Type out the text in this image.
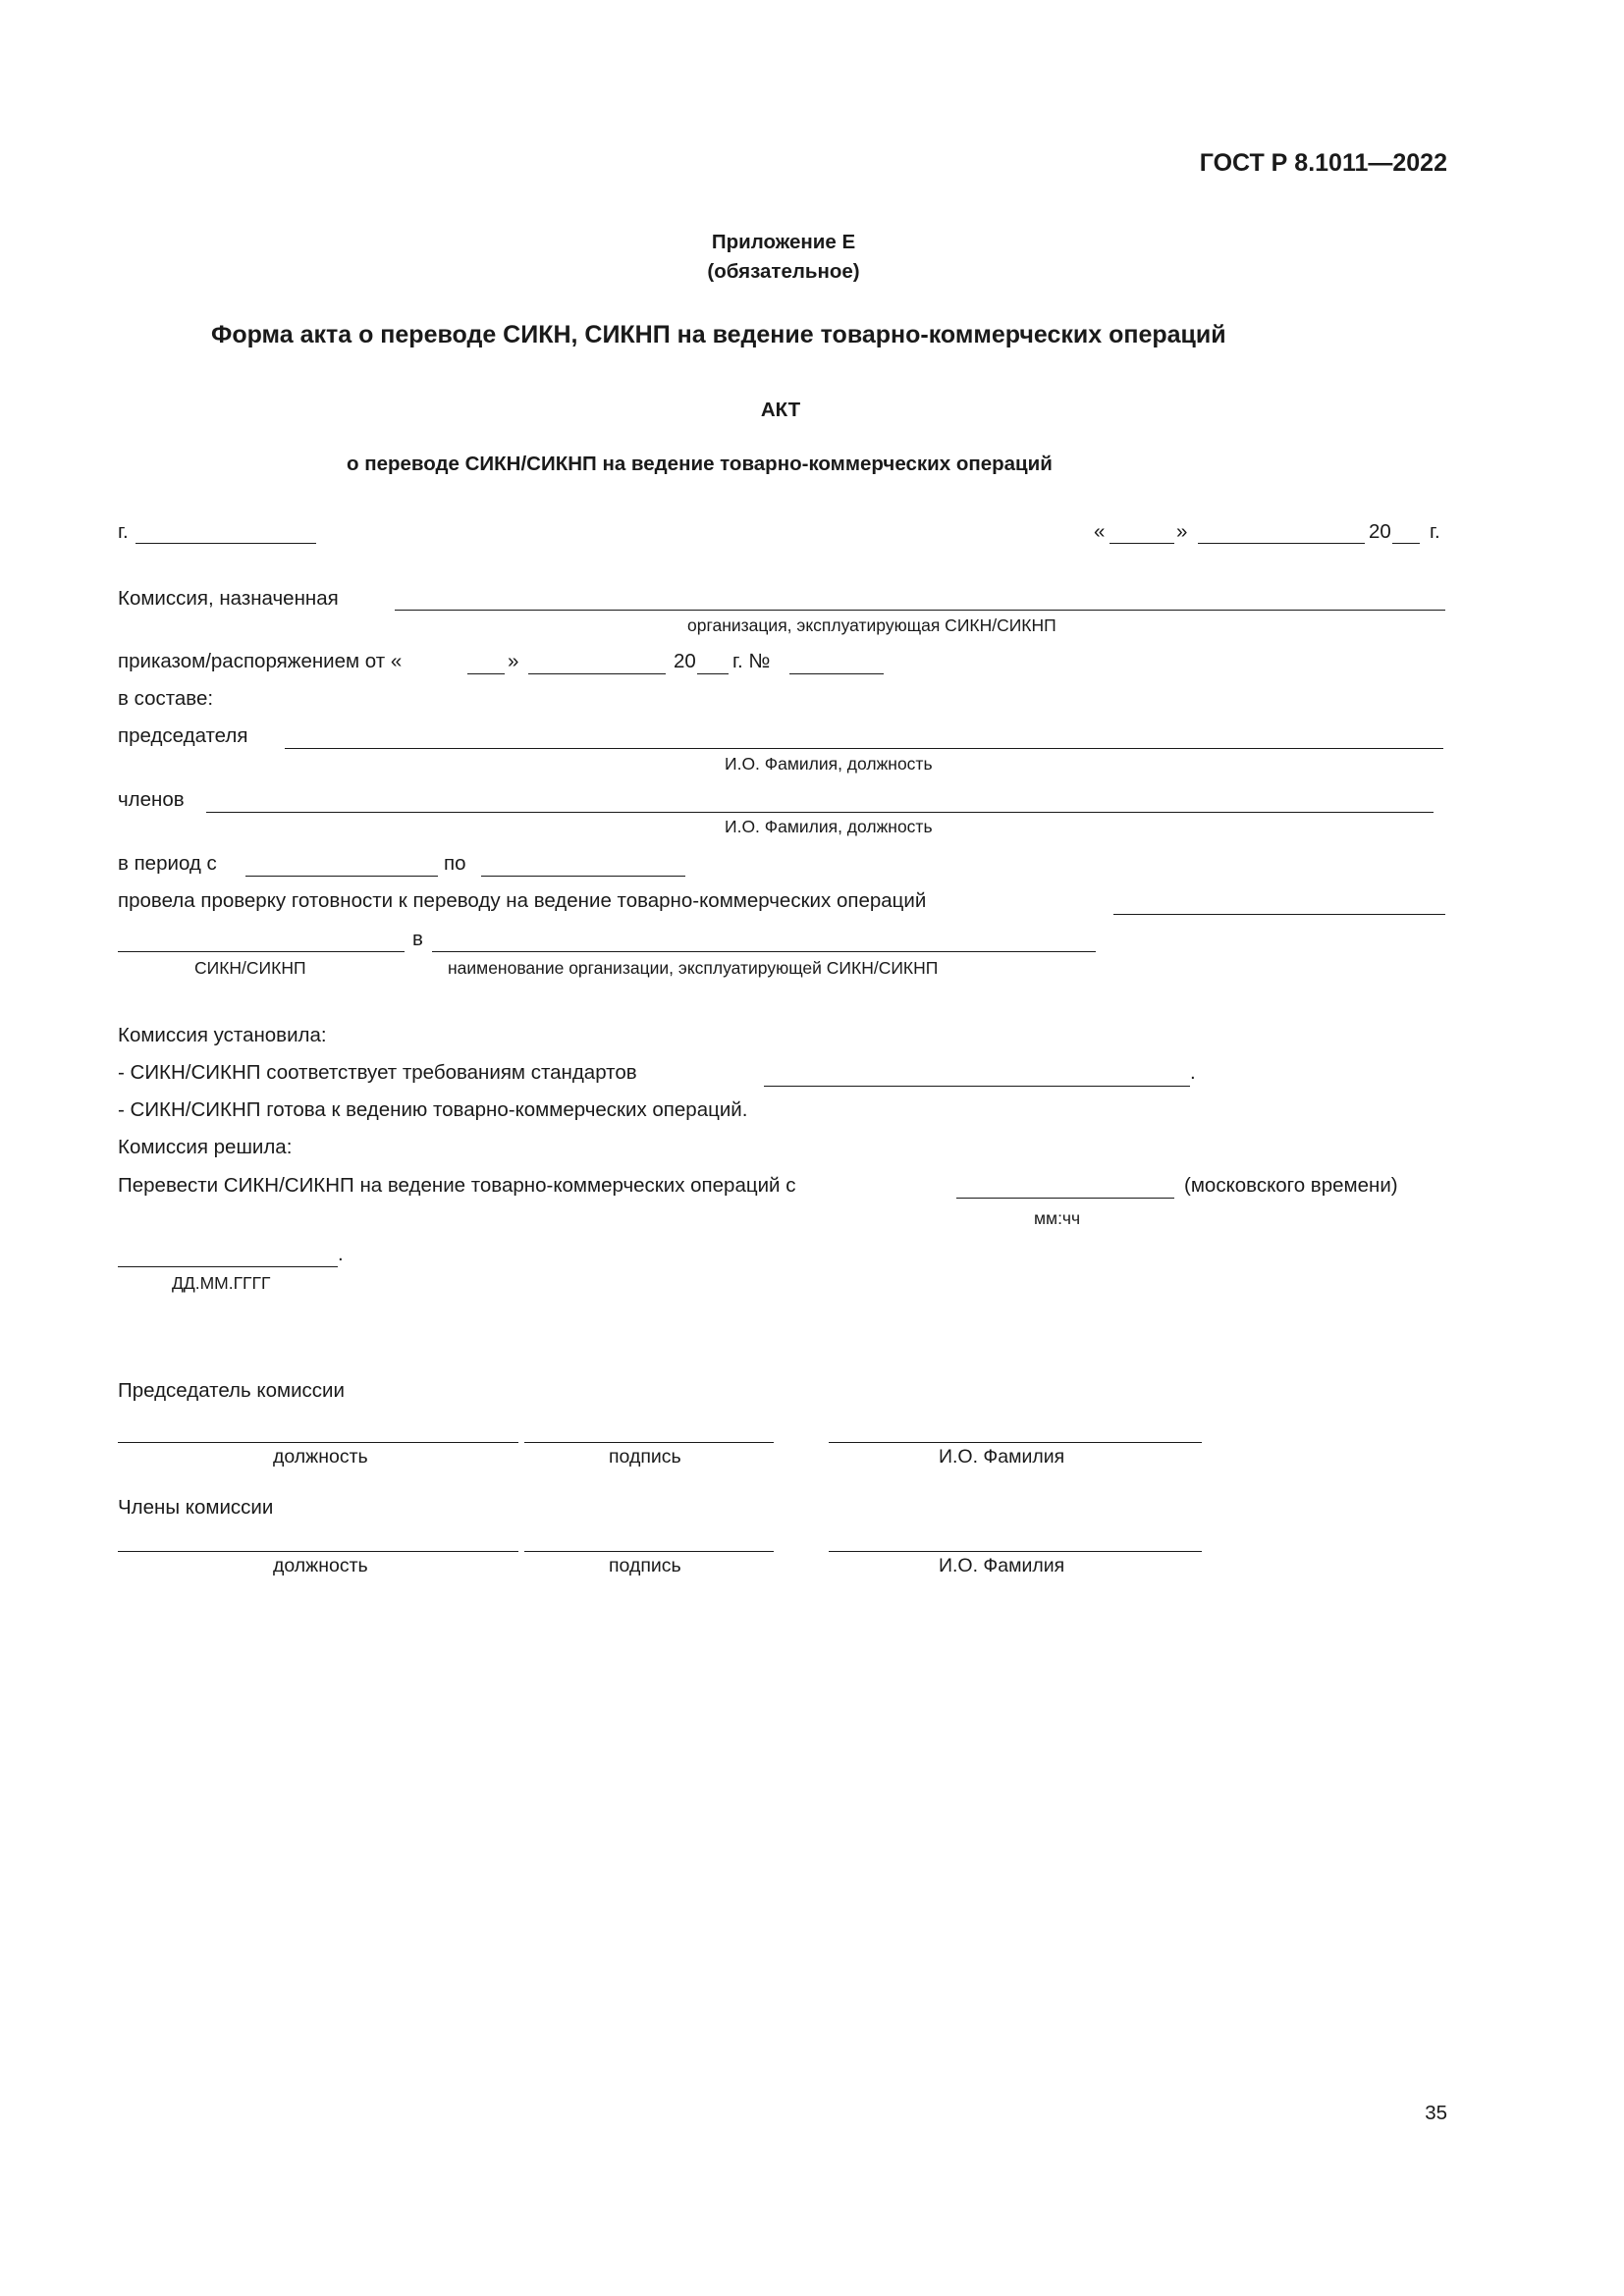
ГОСТ Р 8.1011—2022
Приложение Е
(обязательное)
Форма акта о переводе СИКН, СИКНП на ведение товарно-коммерческих операций
АКТ
о переводе СИКН/СИКНП на ведение товарно-коммерческих операций
г.	«	»	20 г.
Комиссия, назначенная
организация, эксплуатирующая СИКН/СИКНП
приказом/распоряжением от «	»	20 г. №
в составе:
председателя
И.О. Фамилия, должность
членов
И.О. Фамилия, должность
в период с	по
провела проверку готовности к переводу на ведение товарно-коммерческих операций
в
СИКН/СИКНП	наименование организации, эксплуатирующей СИКН/СИКНП
Комиссия установила:
- СИКН/СИКНП соответствует требованиям стандартов	.
- СИКН/СИКНП готова к ведению товарно-коммерческих операций.
Комиссия решила:
Перевести СИКН/СИКНП на ведение товарно-коммерческих операций с	(московского времени)
мм:чч
.
ДД.ММ.ГГГГ
Председатель комиссии
должность	подпись	И.О. Фамилия
Члены комиссии
должность	подпись	И.О. Фамилия
35
